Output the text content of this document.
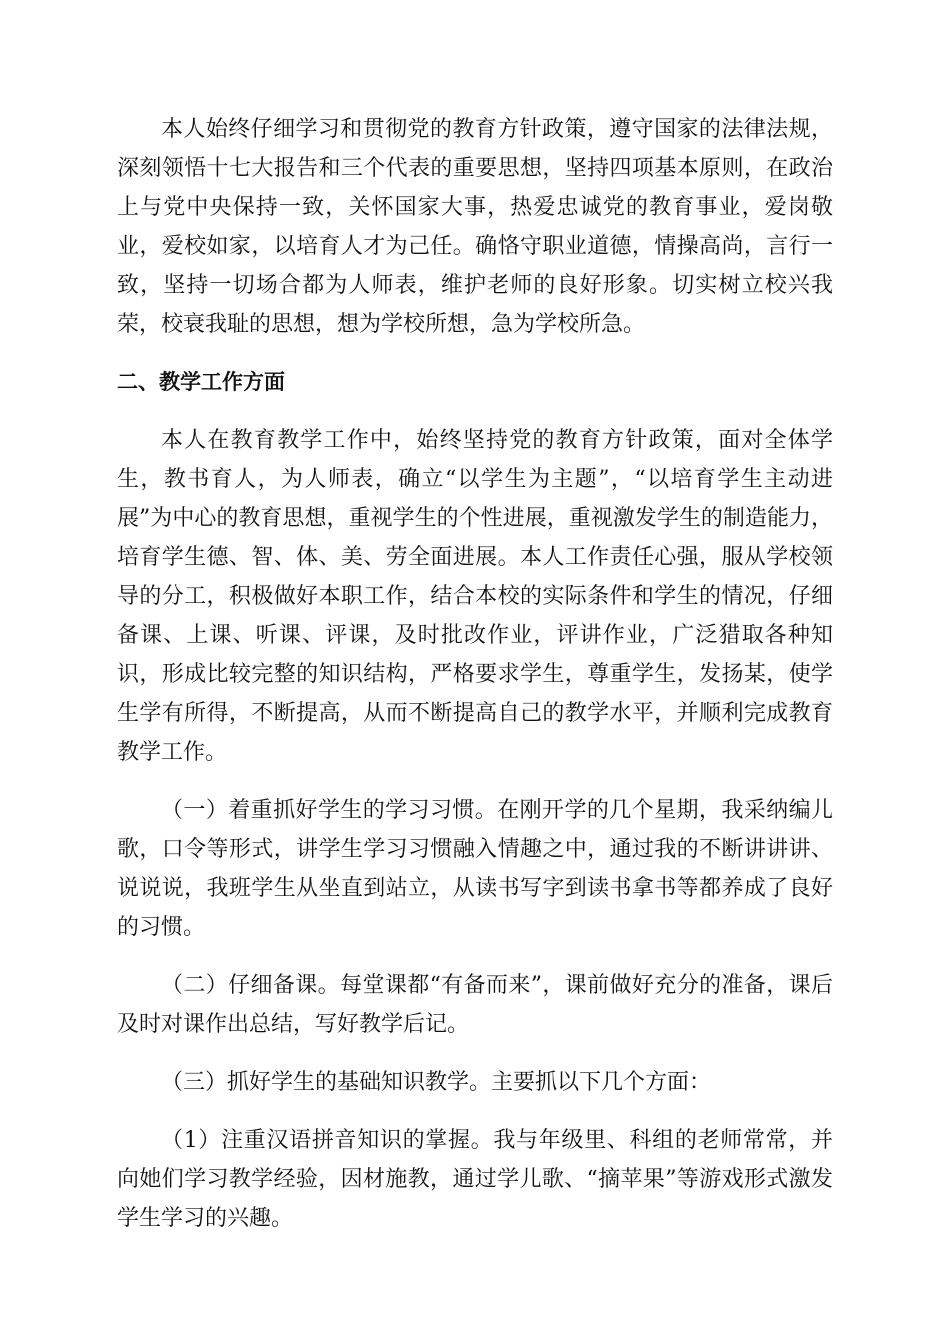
本人始终仔细学习和贯彻党的教育方针政策，遵守国家的法律法规，深刻领悟十七大报告和三个代表的重要思想，坚持四项基本原则，在政治上与党中央保持一致，关怀国家大事，热爱忠诚党的教育事业，爱岗敬业，爱校如家，以培育人才为己任。确恪守职业道德，情操高尚，言行一致，坚持一切场合都为人师表，维护老师的良好形象。切实树立校兴我荣，校衰我耻的思想，想为学校所想，急为学校所急。

二、教学工作方面

本人在教育教学工作中，始终坚持党的教育方针政策，面对全体学生，教书育人，为人师表，确立“以学生为主题”，“以培育学生主动进展”为中心的教育思想，重视学生的个性进展，重视激发学生的制造能力，培育学生德、智、体、美、劳全面进展。本人工作责任心强，服从学校领导的分工，积极做好本职工作，结合本校的实际条件和学生的情况，仔细备课、上课、听课、评课，及时批改作业，评讲作业，广泛猎取各种知识，形成比较完整的知识结构，严格要求学生，尊重学生，发扬某，使学生学有所得，不断提高，从而不断提高自己的教学水平，并顺利完成教育教学工作。

（一）着重抓好学生的学习习惯。在刚开学的几个星期，我采纳编儿歌，口令等形式，讲学生学习习惯融入情趣之中，通过我的不断讲讲讲、说说说，我班学生从坐直到站立，从读书写字到读书拿书等都养成了良好的习惯。

（二）仔细备课。每堂课都“有备而来”，课前做好充分的准备，课后及时对课作出总结，写好教学后记。

（三）抓好学生的基础知识教学。主要抓以下几个方面：

（1）注重汉语拼音知识的掌握。我与年级里、科组的老师常常，并向她们学习教学经验，因材施教，通过学儿歌、“摘苹果”等游戏形式激发学生学习的兴趣。
